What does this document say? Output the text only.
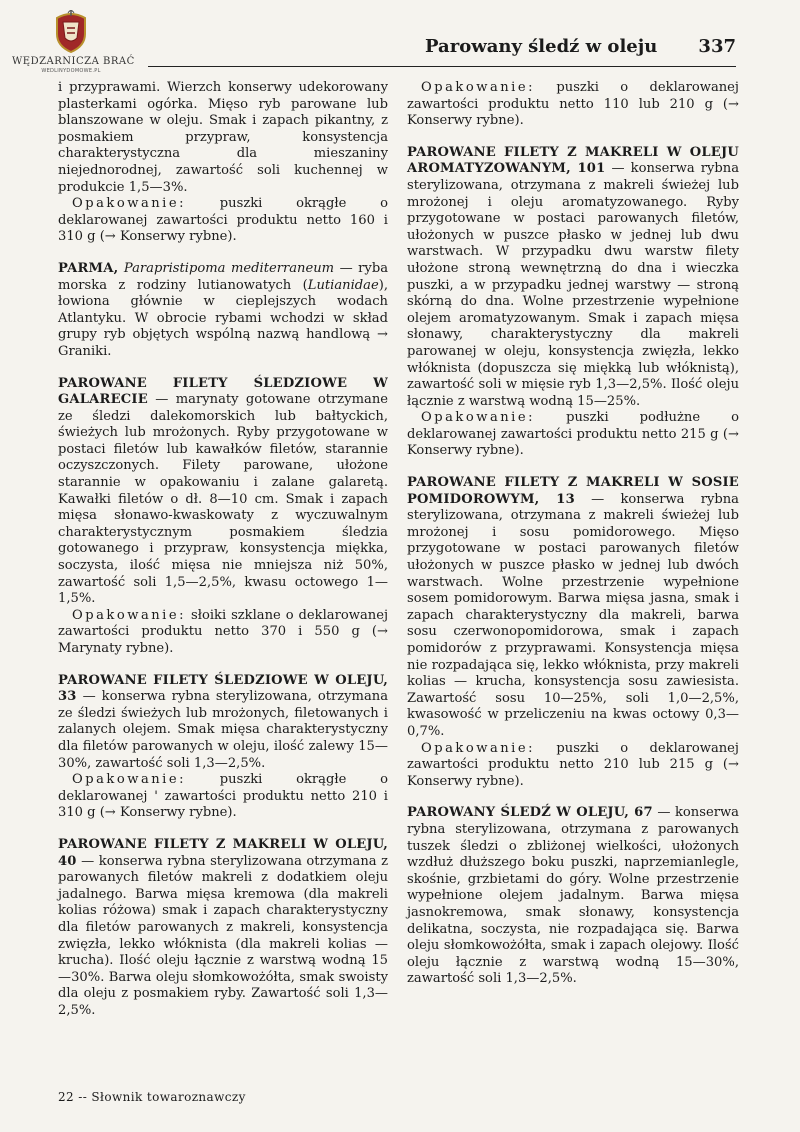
WĘDZARNICZA BRAĆ
WEDLINYDOMOWE.PL
Parowany śledź w oleju 337

i przyprawami. Wierzch konserwy udekorowany plasterkami ogórka. Mięso ryb parowane lub blanszowane w oleju. Smak i zapach pikantny, z posmakiem przypraw, konsystencja charakterystyczna dla mieszaniny niejednorodnej, zawartość soli kuchennej w produkcie 1,5—3%.

Opakowanie: puszki okrągłe o deklarowanej zawartości produktu netto 160 i 310 g (→ Konserwy rybne).

PARMA, Parapristipoma mediterraneum — ryba morska z rodziny lutianowatych (Lutianidae), łowiona głównie w cieplejszych wodach Atlantyku. W obrocie rybami wchodzi w skład grupy ryb objętych wspólną nazwą handlową → Graniki.

PAROWANE FILETY ŚLEDZIOWE W GALARECIE — marynaty gotowane otrzymane ze śledzi dalekomorskich lub bałtyckich, świeżych lub mrożonych. Ryby przygotowane w postaci filetów lub kawałków filetów, starannie oczyszczonych. Filety parowane, ułożone starannie w opakowaniu i zalane galaretą. Kawałki filetów o dł. 8—10 cm. Smak i zapach mięsa słonawo-kwaskowaty z wyczuwalnym charakterystycznym posmakiem śledzia gotowanego i przypraw, konsystencja miękka, soczysta, ilość mięsa nie mniejsza niż 50%, zawartość soli 1,5—2,5%, kwasu octowego 1—1,5%.

Opakowanie: słoiki szklane o deklarowanej zawartości produktu netto 370 i 550 g (→ Marynaty rybne).

PAROWANE FILETY ŚLEDZIOWE W OLEJU, 33 — konserwa rybna sterylizowana, otrzymana ze śledzi świeżych lub mrożonych, filetowanych i zalanych olejem. Smak mięsa charakterystyczny dla filetów parowanych w oleju, ilość zalewy 15—30%, zawartość soli 1,3—2,5%.

Opakowanie: puszki okrągłe o deklarowanej ' zawartości produktu netto 210 i 310 g (→ Konserwy rybne).

PAROWANE FILETY Z MAKRELI W OLEJU, 40 — konserwa rybna sterylizowana otrzymana z parowanych filetów makreli z dodatkiem oleju jadalnego. Barwa mięsa kremowa (dla makreli kolias różowa) smak i zapach charakterystyczny dla filetów parowanych z makreli, konsystencja zwięzła, lekko włóknista (dla makreli kolias — krucha). Ilość oleju łącznie z warstwą wodną 15—30%. Barwa oleju słomkowożółta, smak swoisty dla oleju z posmakiem ryby. Zawartość soli 1,3—2,5%.

Opakowanie: puszki o deklarowanej zawartości produktu netto 110 lub 210 g (→ Konserwy rybne).

PAROWANE FILETY Z MAKRELI W OLEJU AROMATYZOWANYM, 101 — konserwa rybna sterylizowana, otrzymana z makreli świeżej lub mrożonej i oleju aromatyzowanego. Ryby przygotowane w postaci parowanych filetów, ułożonych w puszce płasko w jednej lub dwu warstwach. W przypadku dwu warstw filety ułożone stroną wewnętrzną do dna i wieczka puszki, a w przypadku jednej warstwy — stroną skórną do dna. Wolne przestrzenie wypełnione olejem aromatyzowanym. Smak i zapach mięsa słonawy, charakterystyczny dla makreli parowanej w oleju, konsystencja zwięzła, lekko włóknista (dopuszcza się miękką lub włóknistą), zawartość soli w mięsie ryb 1,3—2,5%. Ilość oleju łącznie z warstwą wodną 15—25%.

Opakowanie: puszki podłużne o deklarowanej zawartości produktu netto 215 g (→ Konserwy rybne).

PAROWANE FILETY Z MAKRELI W SOSIE POMIDOROWYM, 13 — konserwa rybna sterylizowana, otrzymana z makreli świeżej lub mrożonej i sosu pomidorowego. Mięso przygotowane w postaci parowanych filetów ułożonych w puszce płasko w jednej lub dwóch warstwach. Wolne przestrzenie wypełnione sosem pomidorowym. Barwa mięsa jasna, smak i zapach charakterystyczny dla makreli, barwa sosu czerwonopomidorowa, smak i zapach pomidorów z przyprawami. Konsystencja mięsa nie rozpadająca się, lekko włóknista, przy makreli kolias — krucha, konsystencja sosu zawiesista. Zawartość sosu 10—25%, soli 1,0—2,5%, kwasowość w przeliczeniu na kwas octowy 0,3—0,7%.

Opakowanie: puszki o deklarowanej zawartości produktu netto 210 lub 215 g (→ Konserwy rybne).

PAROWANY ŚLEDŹ W OLEJU, 67 — konserwa rybna sterylizowana, otrzymana z parowanych tuszek śledzi o zbliżonej wielkości, ułożonych wzdłuż dłuższego boku puszki, naprzemianlegle, skośnie, grzbietami do góry. Wolne przestrzenie wypełnione olejem jadalnym. Barwa mięsa jasnokremowa, smak słonawy, konsystencja delikatna, soczysta, nie rozpadająca się. Barwa oleju słomkowożółta, smak i zapach olejowy. Ilość oleju łącznie z warstwą wodną 15—30%, zawartość soli 1,3—2,5%.

22 -- Słownik towaroznawczy
